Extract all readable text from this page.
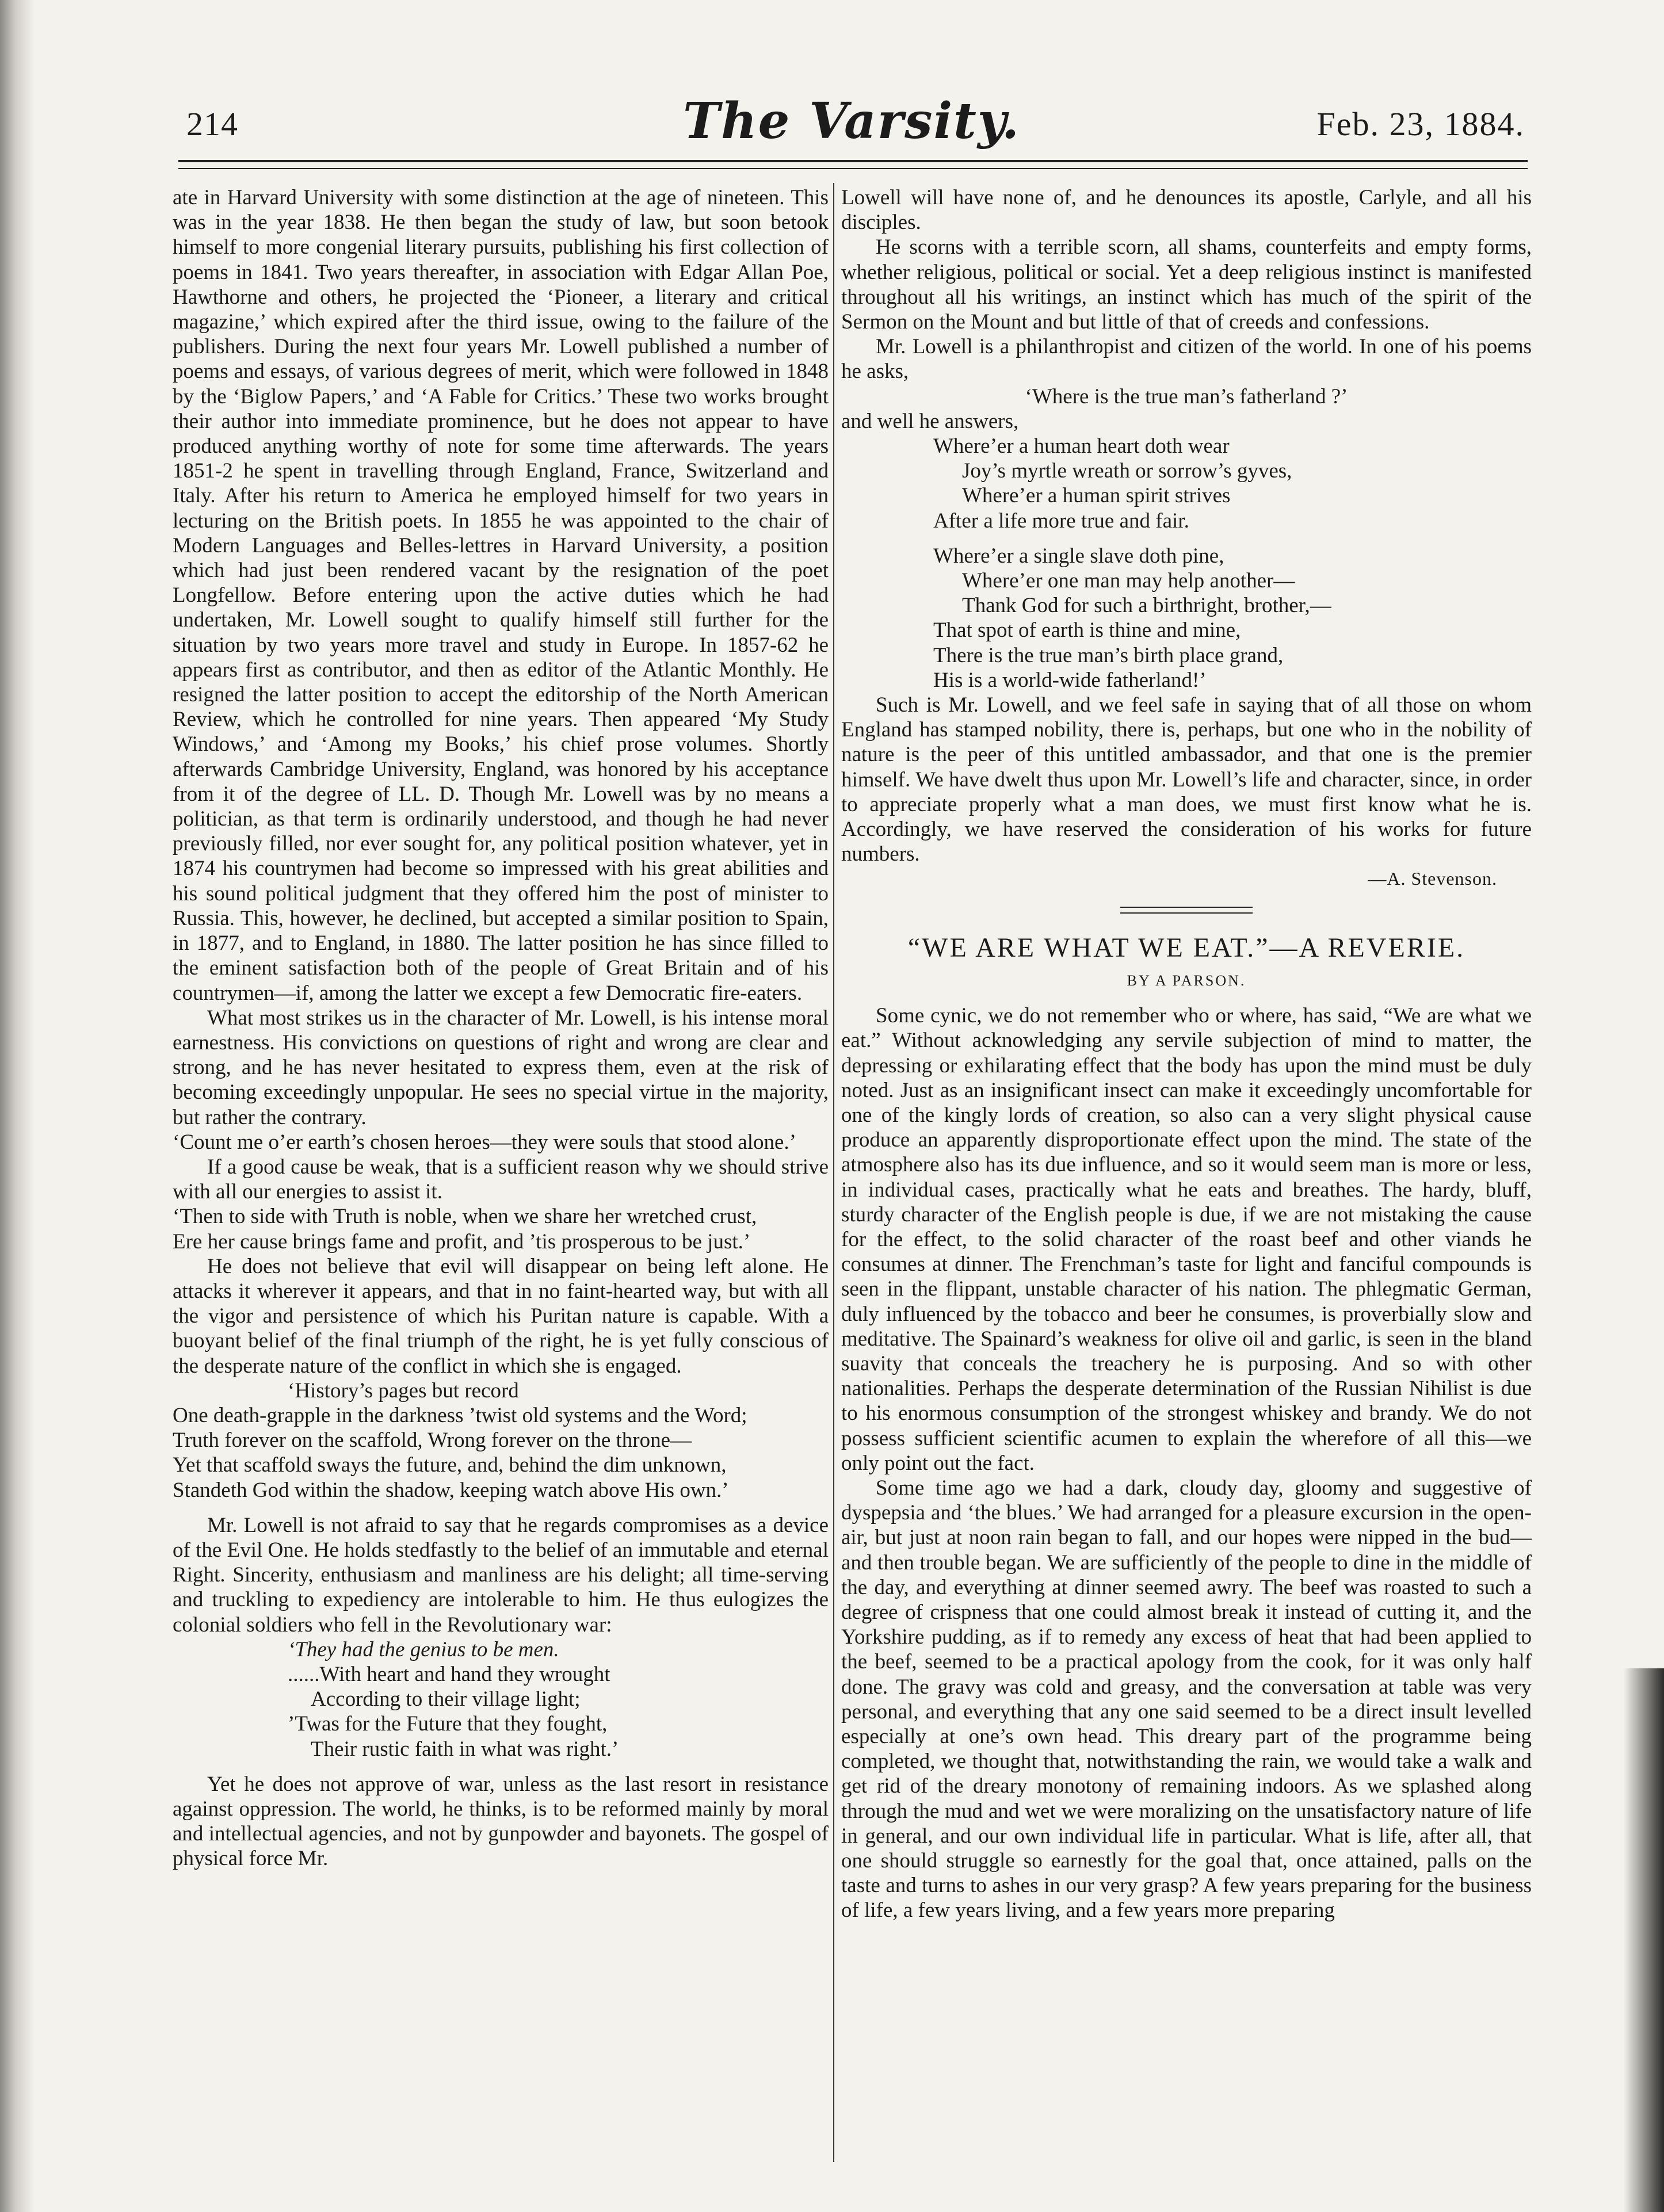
214	The Varsity.	Feb. 23, 1884.

ate in Harvard University with some distinction at the age of nineteen. This was in the year 1838. He then began the study of law, but soon betook himself to more congenial literary pursuits, publishing his first collection of poems in 1841. Two years thereafter, in association with Edgar Allan Poe, Hawthorne and others, he projected the ‘Pioneer, a literary and critical magazine,’ which expired after the third issue, owing to the failure of the publishers. During the next four years Mr. Lowell published a number of poems and essays, of various degrees of merit, which were followed in 1848 by the ‘Biglow Papers,’ and ‘A Fable for Critics.’ These two works brought their author into immediate prominence, but he does not appear to have produced anything worthy of note for some time afterwards. The years 1851-2 he spent in travelling through England, France, Switzerland and Italy. After his return to America he employed himself for two years in lecturing on the British poets. In 1855 he was appointed to the chair of Modern Languages and Belles-lettres in Harvard University, a position which had just been rendered vacant by the resignation of the poet Longfellow. Before entering upon the active duties which he had undertaken, Mr. Lowell sought to qualify himself still further for the situation by two years more travel and study in Europe. In 1857-62 he appears first as contributor, and then as editor of the Atlantic Monthly. He resigned the latter position to accept the editorship of the North American Review, which he controlled for nine years. Then appeared ‘My Study Windows,’ and ‘Among my Books,’ his chief prose volumes. Shortly afterwards Cambridge University, England, was honored by his acceptance from it of the degree of LL. D. Though Mr. Lowell was by no means a politician, as that term is ordinarily understood, and though he had never previously filled, nor ever sought for, any political position whatever, yet in 1874 his countrymen had become so impressed with his great abilities and his sound political judgment that they offered him the post of minister to Russia. This, however, he declined, but accepted a similar position to Spain, in 1877, and to England, in 1880. The latter position he has since filled to the eminent satisfaction both of the people of Great Britain and of his countrymen—if, among the latter we except a few Democratic fire-eaters.

What most strikes us in the character of Mr. Lowell, is his intense moral earnestness. His convictions on questions of right and wrong are clear and strong, and he has never hesitated to express them, even at the risk of becoming exceedingly unpopular. He sees no special virtue in the majority, but rather the contrary.

‘Count me o’er earth’s chosen heroes—they were souls that stood alone.’

If a good cause be weak, that is a sufficient reason why we should strive with all our energies to assist it.

‘Then to side with Truth is noble, when we share her wretched crust,

Ere her cause brings fame and profit, and ’tis prosperous to be just.’

He does not believe that evil will disappear on being left alone. He attacks it wherever it appears, and that in no faint-hearted way, but with all the vigor and persistence of which his Puritan nature is capable. With a buoyant belief of the final triumph of the right, he is yet fully conscious of the desperate nature of the conflict in which she is engaged.

‘History’s pages but record

One death-grapple in the darkness ’twist old systems and the Word;

Truth forever on the scaffold, Wrong forever on the throne—

Yet that scaffold sways the future, and, behind the dim unknown,

Standeth God within the shadow, keeping watch above His own.’

Mr. Lowell is not afraid to say that he regards compromises as a device of the Evil One. He holds stedfastly to the belief of an immutable and eternal Right. Sincerity, enthusiasm and manliness are his delight; all time-serving and truckling to expediency are intolerable to him. He thus eulogizes the colonial soldiers who fell in the Revolutionary war:

‘They had the genius to be men.

......With heart and hand they wrought

According to their village light;

’Twas for the Future that they fought,

Their rustic faith in what was right.’

Yet he does not approve of war, unless as the last resort in resistance against oppression. The world, he thinks, is to be reformed mainly by moral and intellectual agencies, and not by gunpowder and bayonets. The gospel of physical force Mr.

Lowell will have none of, and he denounces its apostle, Carlyle, and all his disciples.

He scorns with a terrible scorn, all shams, counterfeits and empty forms, whether religious, political or social. Yet a deep religious instinct is manifested throughout all his writings, an instinct which has much of the spirit of the Sermon on the Mount and but little of that of creeds and confessions.

Mr. Lowell is a philanthropist and citizen of the world. In one of his poems he asks,

‘Where is the true man’s fatherland ?’

and well he answers,

Where’er a human heart doth wear

Joy’s myrtle wreath or sorrow’s gyves,

Where’er a human spirit strives

After a life more true and fair.

Where’er a single slave doth pine,

Where’er one man may help another—

Thank God for such a birthright, brother,—

That spot of earth is thine and mine,

There is the true man’s birth place grand,

His is a world-wide fatherland!’

Such is Mr. Lowell, and we feel safe in saying that of all those on whom England has stamped nobility, there is, perhaps, but one who in the nobility of nature is the peer of this untitled ambassador, and that one is the premier himself. We have dwelt thus upon Mr. Lowell’s life and character, since, in order to appreciate properly what a man does, we must first know what he is. Accordingly, we have reserved the consideration of his works for future numbers.

—A. Stevenson.

“WE ARE WHAT WE EAT.”—A REVERIE.

BY A PARSON.

Some cynic, we do not remember who or where, has said, “We are what we eat.” Without acknowledging any servile subjection of mind to matter, the depressing or exhilarating effect that the body has upon the mind must be duly noted. Just as an insignificant insect can make it exceedingly uncomfortable for one of the kingly lords of creation, so also can a very slight physical cause produce an apparently disproportionate effect upon the mind. The state of the atmosphere also has its due influence, and so it would seem man is more or less, in individual cases, practically what he eats and breathes. The hardy, bluff, sturdy character of the English people is due, if we are not mistaking the cause for the effect, to the solid character of the roast beef and other viands he consumes at dinner. The Frenchman’s taste for light and fanciful compounds is seen in the flippant, unstable character of his nation. The phlegmatic German, duly influenced by the tobacco and beer he consumes, is proverbially slow and meditative. The Spainard’s weakness for olive oil and garlic, is seen in the bland suavity that conceals the treachery he is purposing. And so with other nationalities. Perhaps the desperate determination of the Russian Nihilist is due to his enormous consumption of the strongest whiskey and brandy. We do not possess sufficient scientific acumen to explain the wherefore of all this—we only point out the fact.

Some time ago we had a dark, cloudy day, gloomy and suggestive of dyspepsia and ‘the blues.’ We had arranged for a pleasure excursion in the open-air, but just at noon rain began to fall, and our hopes were nipped in the bud—and then trouble began. We are sufficiently of the people to dine in the middle of the day, and everything at dinner seemed awry. The beef was roasted to such a degree of crispness that one could almost break it instead of cutting it, and the Yorkshire pudding, as if to remedy any excess of heat that had been applied to the beef, seemed to be a practical apology from the cook, for it was only half done. The gravy was cold and greasy, and the conversation at table was very personal, and everything that any one said seemed to be a direct insult levelled especially at one’s own head. This dreary part of the programme being completed, we thought that, notwithstanding the rain, we would take a walk and get rid of the dreary monotony of remaining indoors. As we splashed along through the mud and wet we were moralizing on the unsatisfactory nature of life in general, and our own individual life in particular. What is life, after all, that one should struggle so earnestly for the goal that, once attained, palls on the taste and turns to ashes in our very grasp? A few years preparing for the business of life, a few years living, and a few years more preparing
